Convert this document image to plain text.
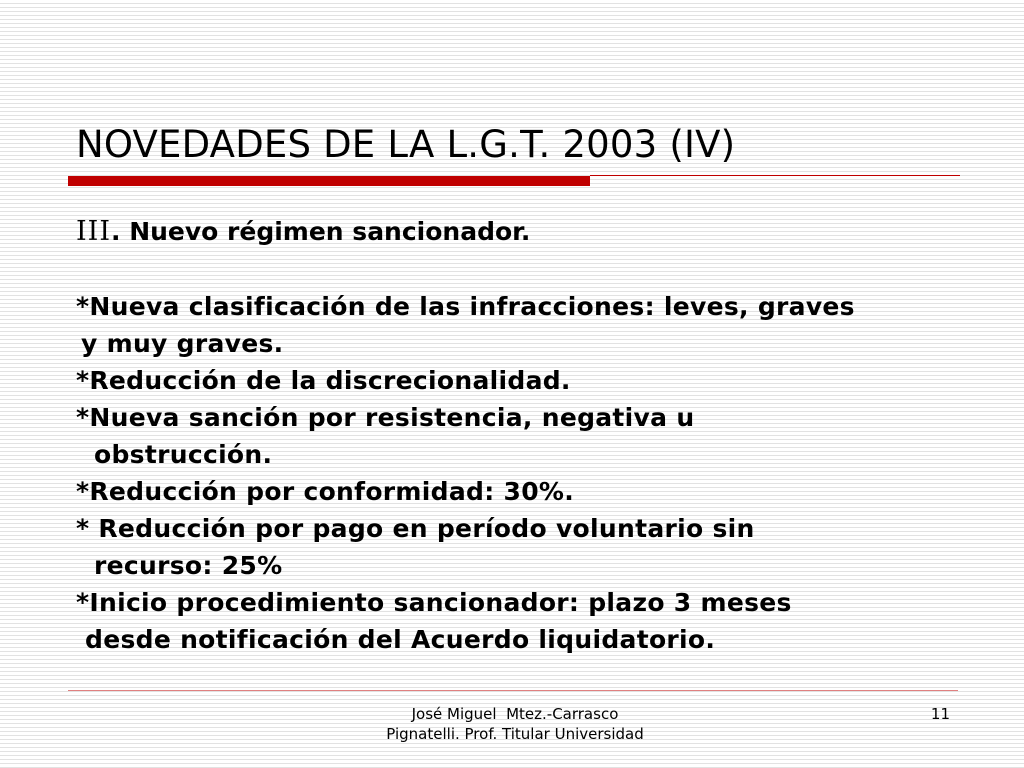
NOVEDADES DE LA L.G.T. 2003 (IV)
III. Nuevo régimen sancionador.
*Nueva clasificación de las infracciones: leves, graves
y muy graves.
*Reducción de la discrecionalidad.
*Nueva sanción por resistencia, negativa u
obstrucción.
*Reducción por conformidad: 30%.
* Reducción por pago en período voluntario sin
recurso: 25%
*Inicio procedimiento sancionador: plazo 3 meses
desde notificación del Acuerdo liquidatorio.
José Miguel  Mtez.-Carrasco
Pignatelli. Prof. Titular Universidad
11
